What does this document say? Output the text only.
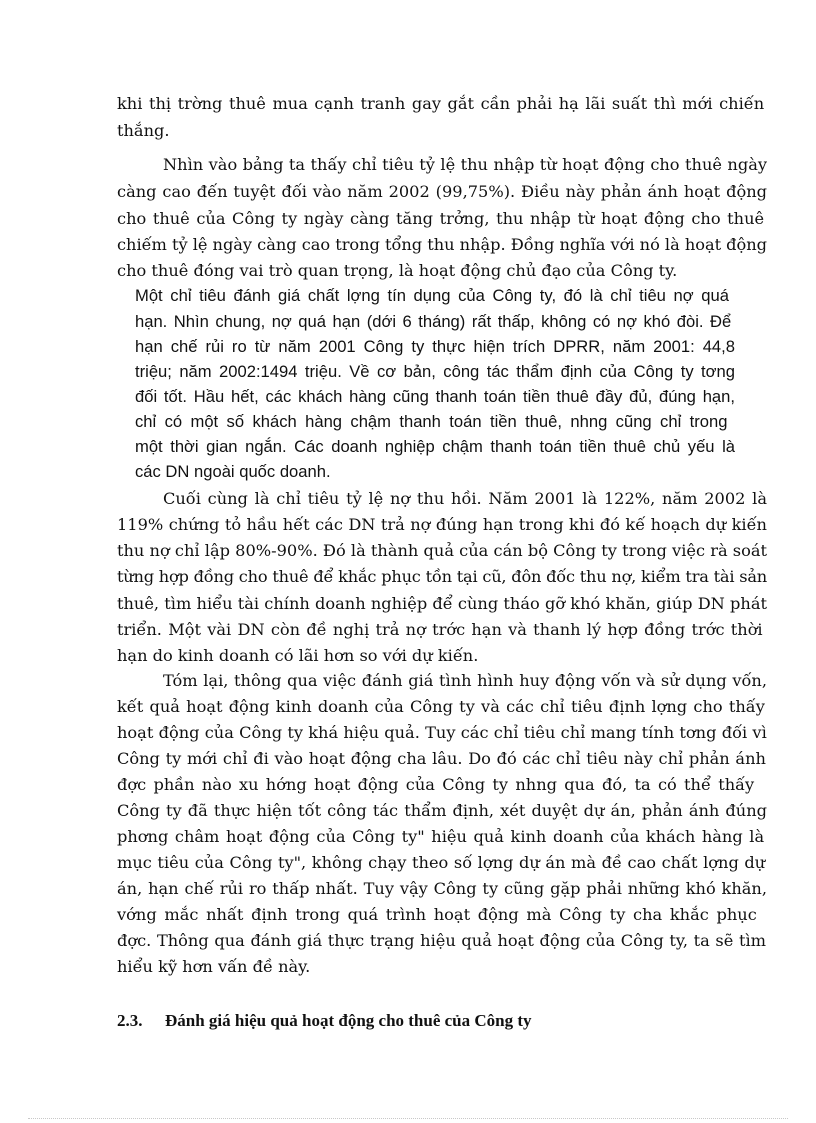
khi thị trờng thuê mua cạnh tranh gay gắt cần phải hạ lãi suất thì mới chiến
thắng.
Nhìn vào bảng ta thấy chỉ tiêu tỷ lệ thu nhập từ hoạt động cho thuê ngày
càng cao đến tuyệt đối vào năm 2002 (99,75%). Điều này phản ánh hoạt động
cho thuê của Công ty ngày càng tăng trởng, thu nhập từ hoạt động cho thuê
chiếm tỷ lệ ngày càng cao trong tổng thu nhập. Đồng nghĩa với nó là hoạt động
cho thuê đóng vai trò quan trọng, là hoạt động chủ đạo của Công ty.
Một chỉ tiêu đánh giá chất lợng tín dụng của Công ty, đó là chỉ tiêu nợ quá
hạn. Nhìn chung, nợ quá hạn (dới 6 tháng) rất thấp, không có nợ khó đòi. Để
hạn chế rủi ro từ năm 2001 Công ty thực hiện trích DPRR, năm 2001: 44,8
triệu; năm 2002:1494 triệu. Về cơ bản, công tác thẩm định của Công ty tơng
đối tốt. Hầu hết, các khách hàng cũng thanh toán tiền thuê đầy đủ, đúng hạn,
chỉ có một số khách hàng chậm thanh toán tiền thuê, nhng cũng chỉ trong
một thời gian ngắn. Các doanh nghiệp chậm thanh toán tiền thuê chủ yếu là
các DN ngoài quốc doanh.
Cuối cùng là chỉ tiêu tỷ lệ nợ thu hồi. Năm 2001 là 122%, năm 2002 là
119% chứng tỏ hầu hết các DN trả nợ đúng hạn trong khi đó kế hoạch dự kiến
thu nợ chỉ lập 80%-90%. Đó là thành quả của cán bộ Công ty trong việc rà soát
từng hợp đồng cho thuê để khắc phục tồn tại cũ, đôn đốc thu nợ, kiểm tra tài sản
thuê, tìm hiểu tài chính doanh nghiệp để cùng tháo gỡ khó khăn, giúp DN phát
triển. Một vài DN còn đề nghị trả nợ trớc hạn và thanh lý hợp đồng trớc thời
hạn do kinh doanh có lãi hơn so với dự kiến.
Tóm lại, thông qua việc đánh giá tình hình huy động vốn và sử dụng vốn,
kết quả hoạt động kinh doanh của Công ty và các chỉ tiêu định lợng cho thấy
hoạt động của Công ty khá hiệu quả. Tuy các chỉ tiêu chỉ mang tính tơng đối vì
Công ty mới chỉ đi vào hoạt động cha lâu. Do đó các chỉ tiêu này chỉ phản ánh
đợc phần nào xu hớng hoạt động của Công ty nhng qua đó, ta có thể thấy
Công ty đã thực hiện tốt công tác thẩm định, xét duyệt dự án, phản ánh đúng
phơng châm hoạt động của Công ty" hiệu quả kinh doanh của khách hàng là
mục tiêu của Công ty", không chạy theo số lợng dự án mà đề cao chất lợng dự
án, hạn chế rủi ro thấp nhất. Tuy vậy Công ty cũng gặp phải những khó khăn,
vớng mắc nhất định trong quá trình hoạt động mà Công ty cha khắc phục
đợc. Thông qua đánh giá thực trạng hiệu quả hoạt động của Công ty, ta sẽ tìm
hiểu kỹ hơn vấn đề này.
2.3. Đánh giá hiệu quả hoạt động cho thuê của Công ty
